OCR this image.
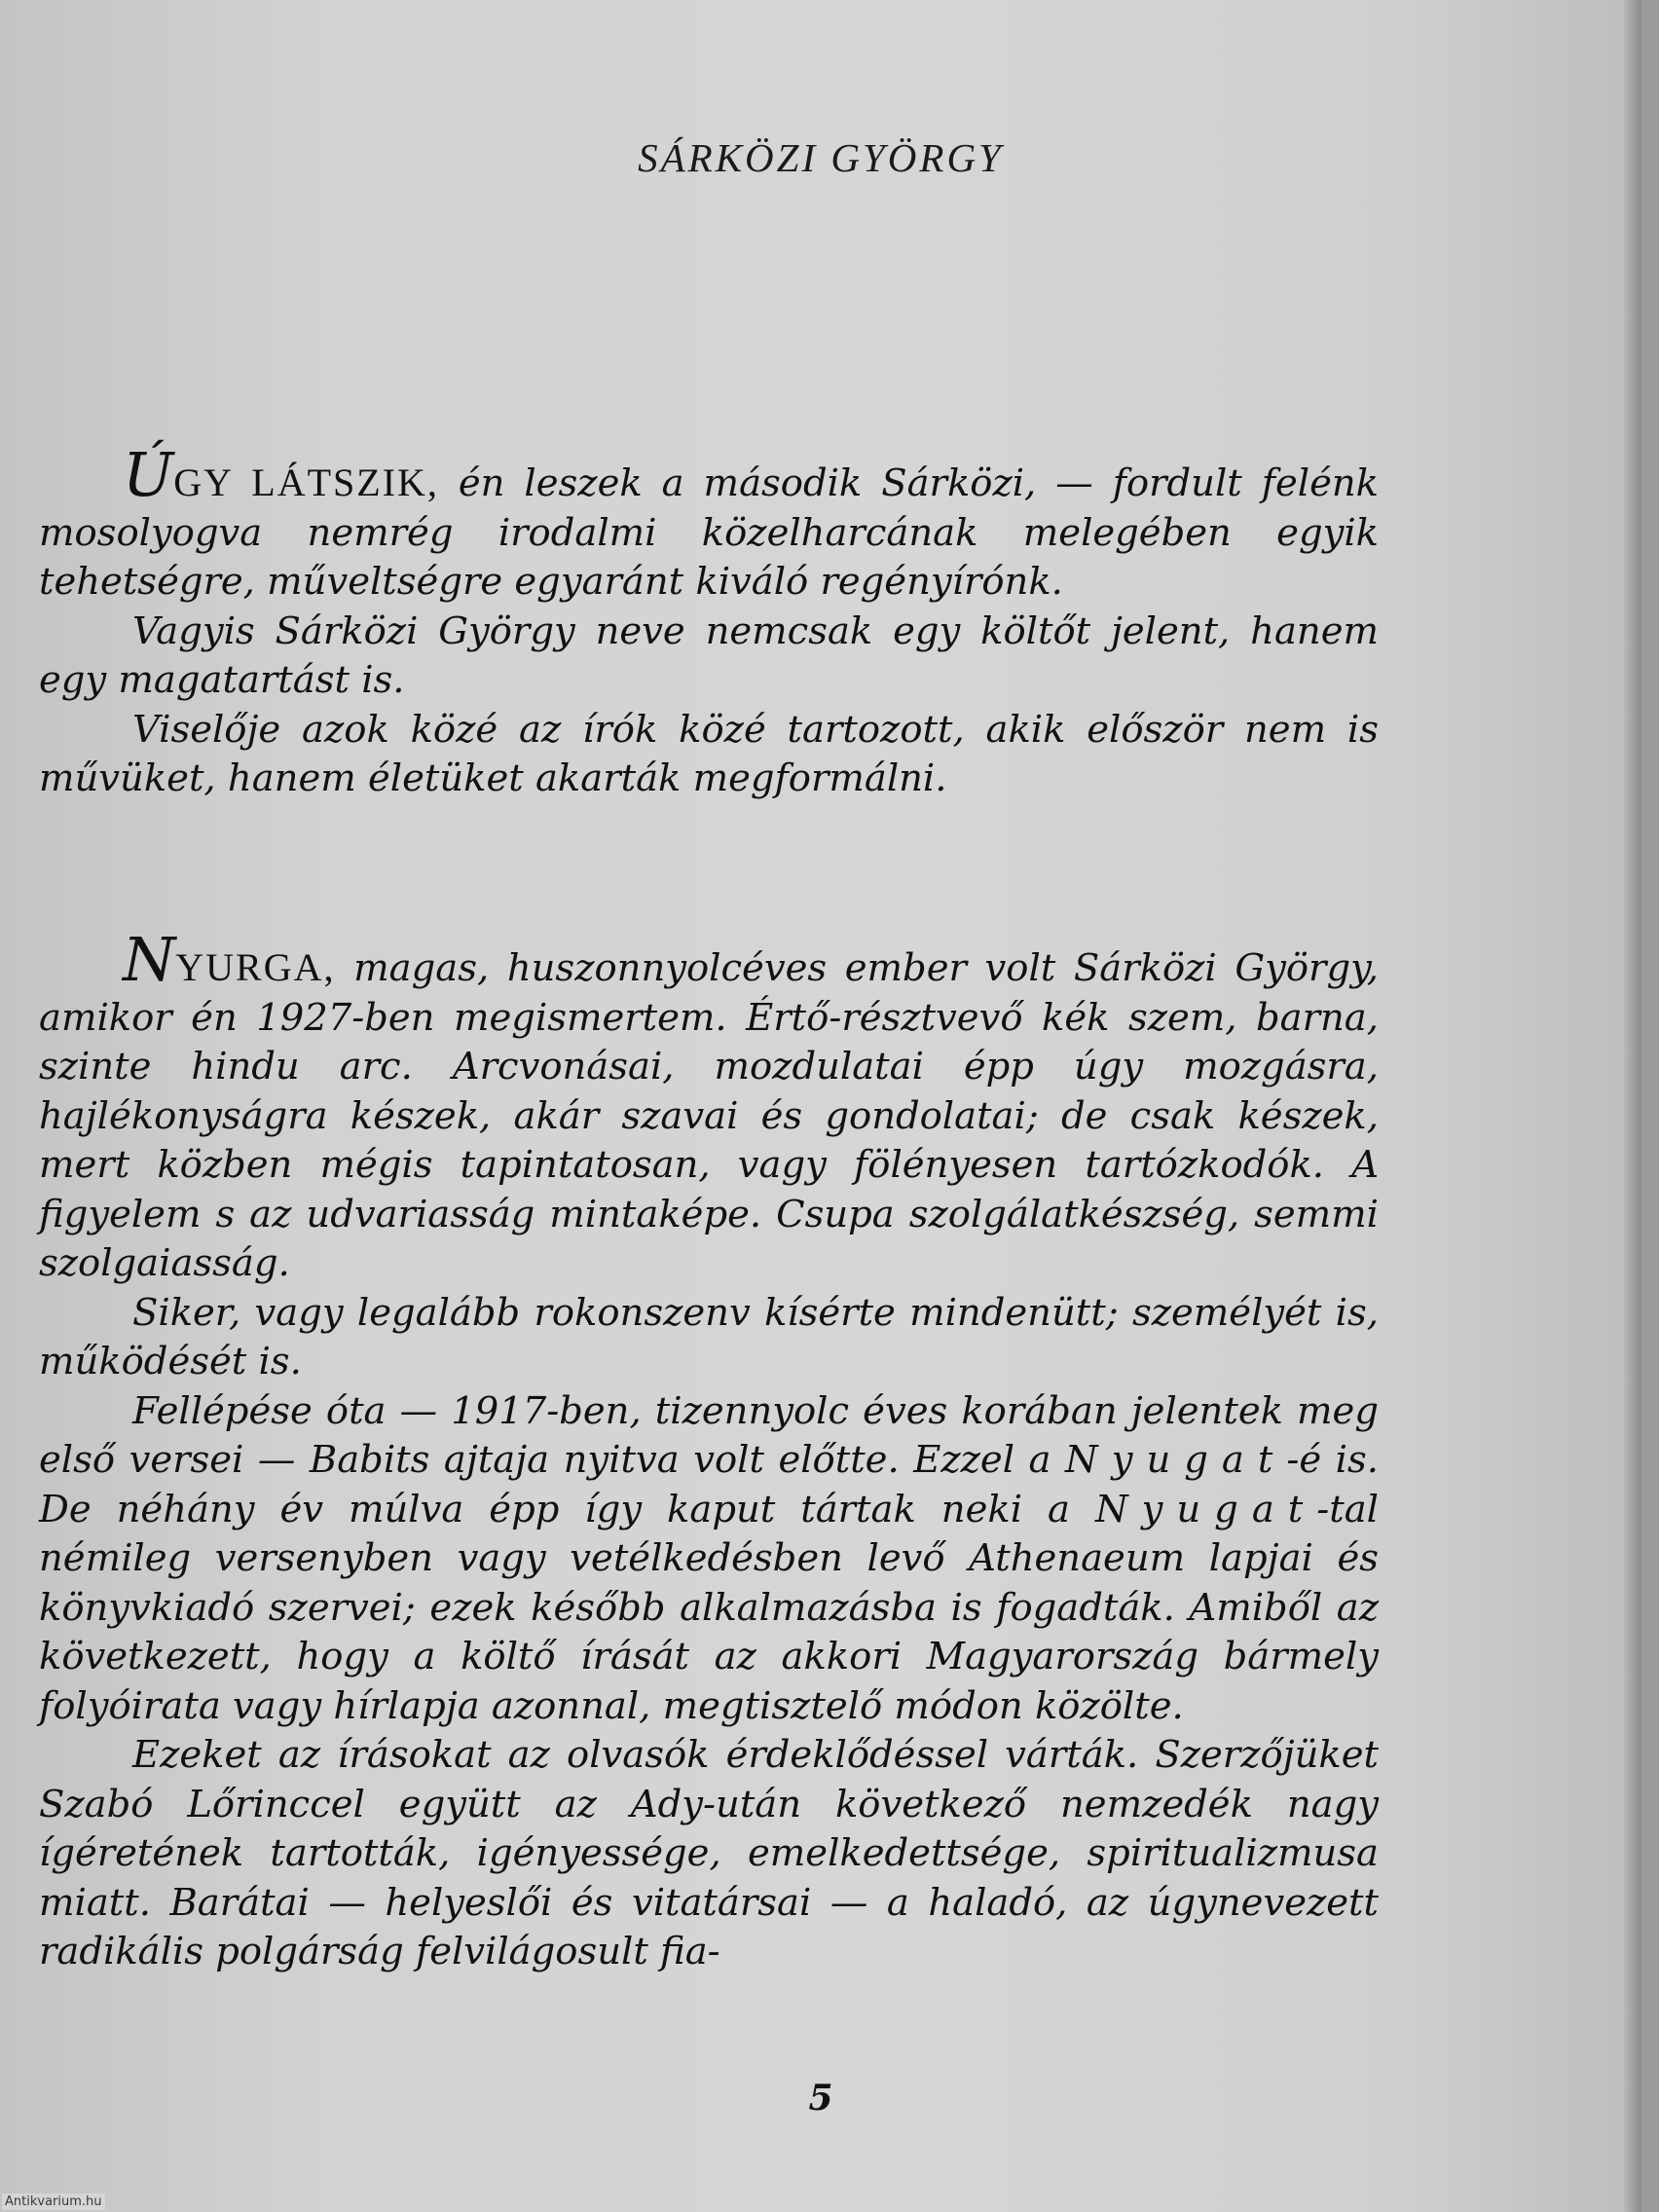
SÁRKÖZI GYÖRGY

ÚGY LÁTSZIK, én leszek a második Sárközi, — fordult felénk mosolyogva nemrég irodalmi közelharcának melegében egyik tehetségre, műveltségre egyaránt kiváló regényírónk.

Vagyis Sárközi György neve nemcsak egy költőt jelent, hanem egy magatartást is.

Viselője azok közé az írók közé tartozott, akik először nem is művüket, hanem életüket akarták megformálni.

NYURGA, magas, huszonnyolcéves ember volt Sárközi György, amikor én 1927-ben megismertem. Értő-résztvevő kék szem, barna, szinte hindu arc. Arcvonásai, mozdulatai épp úgy mozgásra, hajlékonyságra készek, akár szavai és gondolatai; de csak készek, mert közben mégis tapintatosan, vagy fölényesen tartózkodók. A figyelem s az udvariasság mintaképe. Csupa szolgálatkészség, semmi szolgaiasság.

Siker, vagy legalább rokonszenv kísérte mindenütt; személyét is, működését is.

Fellépése óta — 1917-ben, tizennyolc éves korában jelentek meg első versei — Babits ajtaja nyitva volt előtte. Ezzel a Nyugat-é is. De néhány év múlva épp így kaput tártak neki a Nyugat-tal némileg versenyben vagy vetélkedésben levő Athenaeum lapjai és könyvkiadó szervei; ezek később alkalmazásba is fogadták. Amiből az következett, hogy a költő írását az akkori Magyarország bármely folyóirata vagy hírlapja azonnal, megtisztelő módon közölte.

Ezeket az írásokat az olvasók érdeklődéssel várták. Szerzőjüket Szabó Lőrinccel együtt az Ady-után következő nemzedék nagy ígéretének tartották, igényessége, emelkedettsége, spiritualizmusa miatt. Barátai — helyeslői és vitatársai — a haladó, az úgynevezett radikális polgárság felvilágosult fia-

5
Antikvarium.hu
